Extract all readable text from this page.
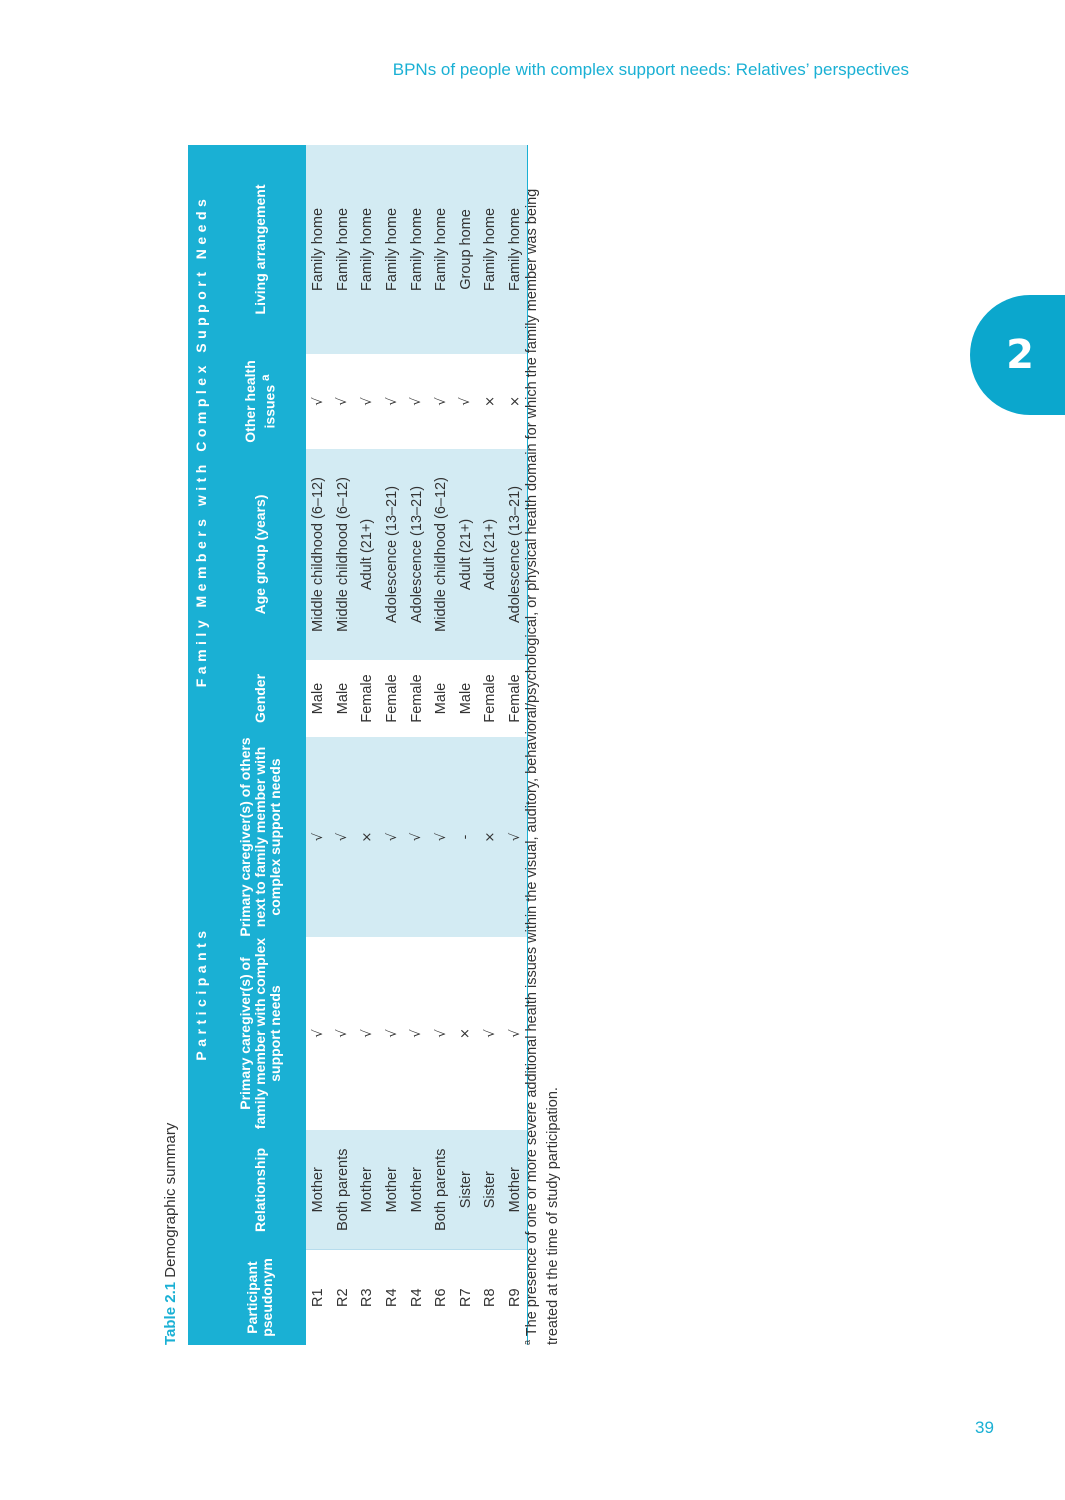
BPNs of people with complex support needs: Relatives’ perspectives
2
39
Table 2.1 Demographic summary
	Participants			Family Members with Complex Support Needs			
Participant pseudonym	Relationship	Primary caregiver(s) of family member with complex support needs	Primary caregiver(s) of others next to family member with complex support needs	Gender	Age group (years)	Other health issues $^a$	Living arrangement
R1	Mother	√	√	Male	Middle childhood (6–12)	√	Family home
R2	Both parents	√	√	Male	Middle childhood (6–12)	√	Family home
R3	Mother	√	×	Female	Adult (21+)	√	Family home
R4	Mother	√	√	Female	Adolescence (13–21)	√	Family home
R4	Mother	√	√	Female	Adolescence (13–21)	√	Family home
R6	Both parents	√	√	Male	Middle childhood (6–12)	√	Family home
R7	Sister	×	-	Male	Adult (21+)	√	Group home
R8	Sister	√	×	Female	Adult (21+)	×	Family home
R9	Mother	√	√	Female	Adolescence (13–21)	×	Family home
$^a$ The presence of one or more severe additional health issues within the visual, auditory, behavioral/psychological, or physical health domain for which the family member was being treated at the time of study participation.
